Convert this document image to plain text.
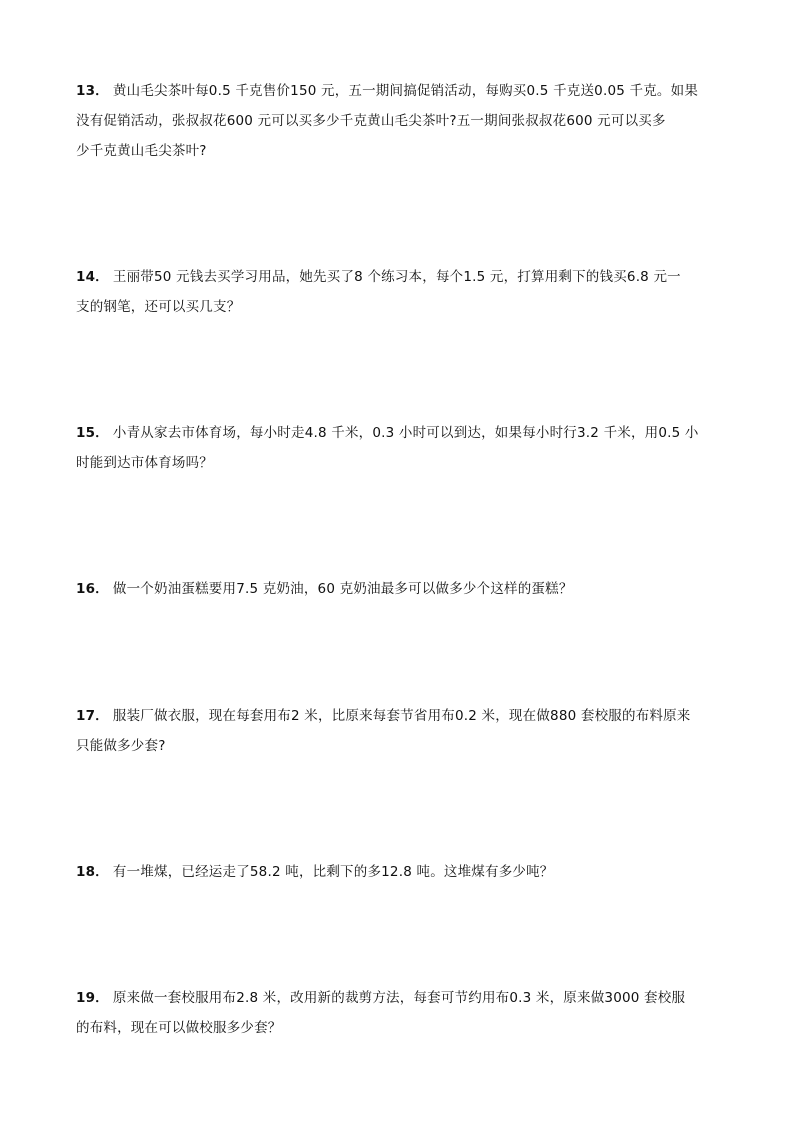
13． 黄山毛尖茶叶每0.5 千克售价150 元，五一期间搞促销活动，每购买0.5 千克送0.05 千克。如果

没有促销活动，张叔叔花600 元可以买多少千克黄山毛尖茶叶?五一期间张叔叔花600 元可以买多

少千克黄山毛尖茶叶?

14． 王丽带50 元钱去买学习用品，她先买了8 个练习本，每个1.5 元，打算用剩下的钱买6.8 元一

支的钢笔，还可以买几支？

15． 小青从家去市体育场，每小时走4.8 千米，0.3 小时可以到达，如果每小时行3.2 千米，用0.5 小

时能到达市体育场吗？

16． 做一个奶油蛋糕要用7.5 克奶油，60 克奶油最多可以做多少个这样的蛋糕？

17． 服装厂做衣服，现在每套用布2 米，比原来每套节省用布0.2 米，现在做880 套校服的布料原来

只能做多少套?

18． 有一堆煤，已经运走了58.2 吨，比剩下的多12.8 吨。这堆煤有多少吨？

19． 原来做一套校服用布2.8 米，改用新的裁剪方法，每套可节约用布0.3 米，原来做3000 套校服

的布料，现在可以做校服多少套？
